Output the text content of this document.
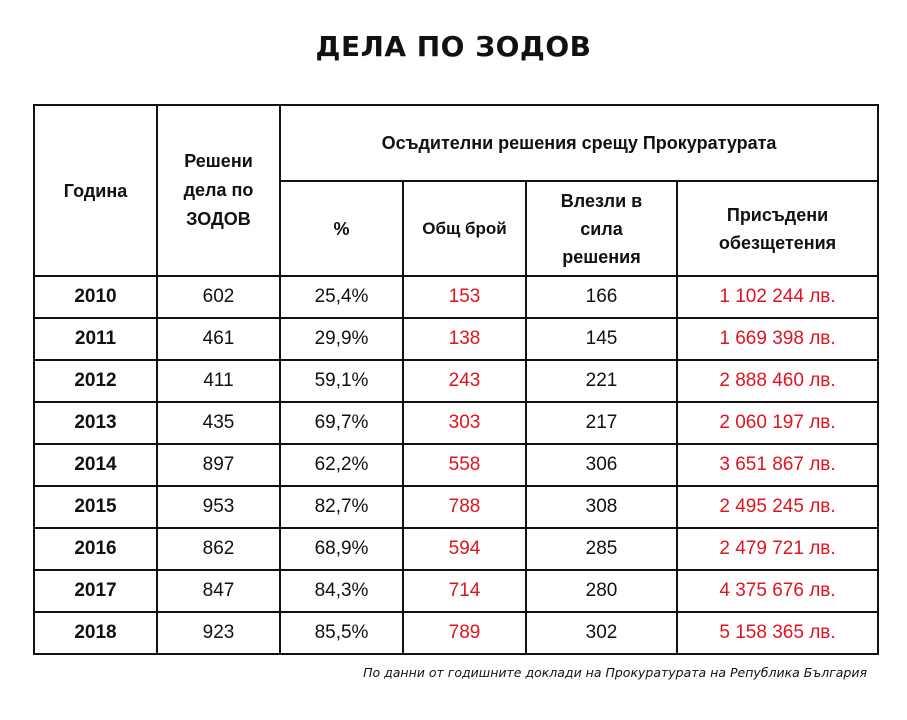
ДЕЛА ПО ЗОДОВ
Година	Решени дела по ЗОДОВ	Осъдителни решения срещу Прокуратурата			
		%	Общ брой	Влезли в сила решения	Присъдени обезщетения

2010	602	25,4%	153	166	1 102 244 лв.
2011	461	29,9%	138	145	1 669 398 лв.
2012	411	59,1%	243	221	2 888 460 лв.
2013	435	69,7%	303	217	2 060 197 лв.
2014	897	62,2%	558	306	3 651 867 лв.
2015	953	82,7%	788	308	2 495 245 лв.
2016	862	68,9%	594	285	2 479 721 лв.
2017	847	84,3%	714	280	4 375 676 лв.
2018	923	85,5%	789	302	5 158 365 лв.
По данни от годишните доклади на Прокуратурата на Република България
